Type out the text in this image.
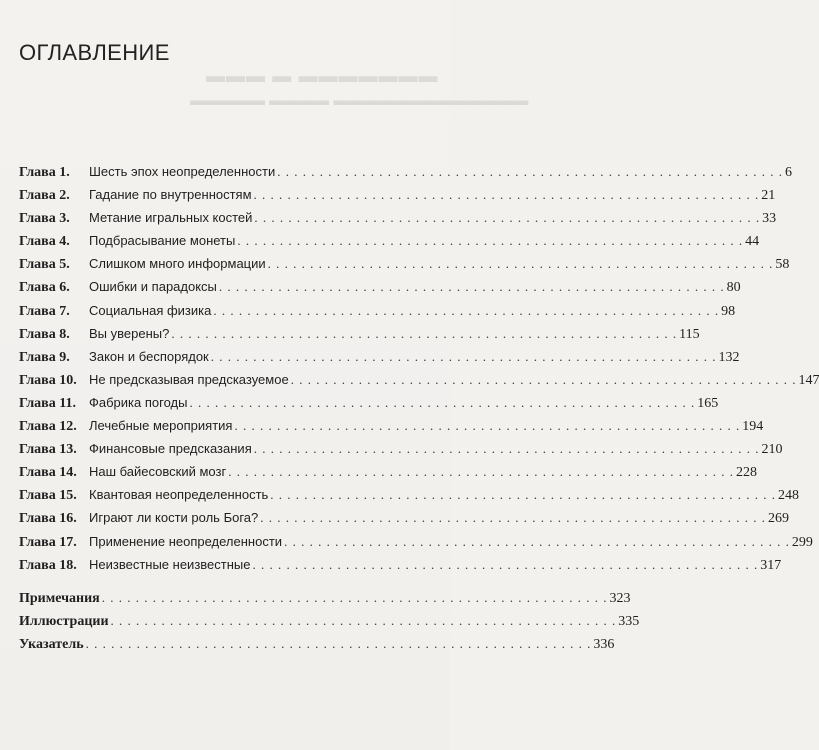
▬▬▬ ▬ ▬▬▬▬▬▬▬
▬▬▬▬▬ ▬▬▬▬ ▬▬▬▬▬▬▬▬▬▬▬▬▬
ОГЛАВЛЕНИЕ
Глава 1.	Шесть эпох неопределенности . . .	6
Глава 2.	Гадание по внутренностям . . .	21
Глава 3.	Метание игральных костей . . .	33
Глава 4.	Подбрасывание монеты . . .	44
Глава 5.	Слишком много информации . . .	58
Глава 6.	Ошибки и парадоксы . . .	80
Глава 7.	Социальная физика . . .	98
Глава 8.	Вы уверены? . . .	115
Глава 9.	Закон и беспорядок . . .	132
Глава 10. Не предсказывая предсказуемое . . .	147
Глава 11.	Фабрика погоды . . .	165
Глава 12. Лечебные мероприятия . . .	194
Глава 13. Финансовые предсказания . . .	210
Глава 14. Наш байесовский мозг . . .	228
Глава 15. Квантовая неопределенность . . .	248
Глава 16. Играют ли кости роль Бога? . . .	269
Глава 17. Применение неопределенности . . .	299
Глава 18. Неизвестные неизвестные . . .	317
Примечания . . .	323
Иллюстрации . . .	335
Указатель . . .	336
